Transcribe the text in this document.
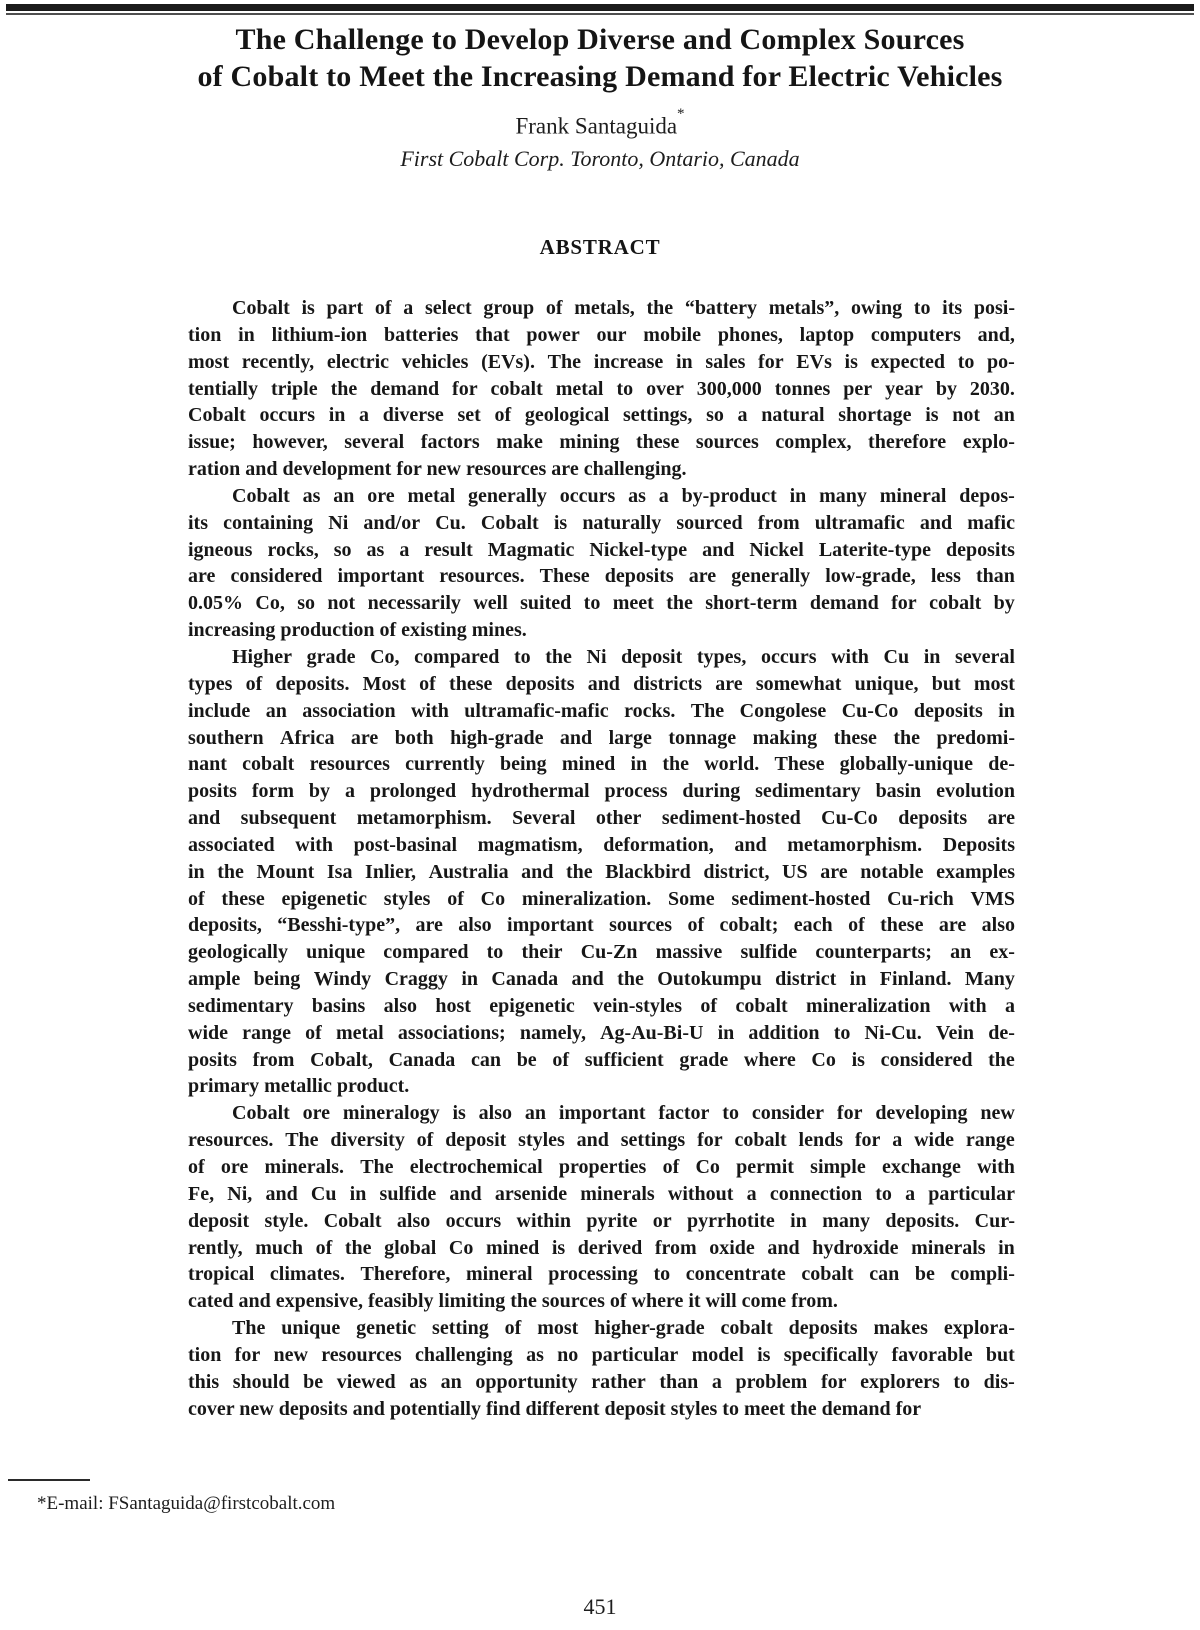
The Challenge to Develop Diverse and Complex Sources
of Cobalt to Meet the Increasing Demand for Electric Vehicles
Frank Santaguida*
First Cobalt Corp. Toronto, Ontario, Canada
ABSTRACT
Cobalt is part of a select group of metals, the “battery metals”, owing to its posi-
tion in lithium-ion batteries that power our mobile phones, laptop computers and,
most recently, electric vehicles (EVs). The increase in sales for EVs is expected to po-
tentially triple the demand for cobalt metal to over 300,000 tonnes per year by 2030.
Cobalt occurs in a diverse set of geological settings, so a natural shortage is not an
issue; however, several factors make mining these sources complex, therefore explo-
ration and development for new resources are challenging.
Cobalt as an ore metal generally occurs as a by-product in many mineral depos-
its containing Ni and/or Cu. Cobalt is naturally sourced from ultramafic and mafic
igneous rocks, so as a result Magmatic Nickel-type and Nickel Laterite-type deposits
are considered important resources. These deposits are generally low-grade, less than
0.05% Co, so not necessarily well suited to meet the short-term demand for cobalt by
increasing production of existing mines.
Higher grade Co, compared to the Ni deposit types, occurs with Cu in several
types of deposits. Most of these deposits and districts are somewhat unique, but most
include an association with ultramafic-mafic rocks. The Congolese Cu-Co deposits in
southern Africa are both high-grade and large tonnage making these the predomi-
nant cobalt resources currently being mined in the world. These globally-unique de-
posits form by a prolonged hydrothermal process during sedimentary basin evolution
and subsequent metamorphism. Several other sediment-hosted Cu-Co deposits are
associated with post-basinal magmatism, deformation, and metamorphism. Deposits
in the Mount Isa Inlier, Australia and the Blackbird district, US are notable examples
of these epigenetic styles of Co mineralization. Some sediment-hosted Cu-rich VMS
deposits, “Besshi-type”, are also important sources of cobalt; each of these are also
geologically unique compared to their Cu-Zn massive sulfide counterparts; an ex-
ample being Windy Craggy in Canada and the Outokumpu district in Finland. Many
sedimentary basins also host epigenetic vein-styles of cobalt mineralization with a
wide range of metal associations; namely, Ag-Au-Bi-U in addition to Ni-Cu. Vein de-
posits from Cobalt, Canada can be of sufficient grade where Co is considered the
primary metallic product.
Cobalt ore mineralogy is also an important factor to consider for developing new
resources. The diversity of deposit styles and settings for cobalt lends for a wide range
of ore minerals. The electrochemical properties of Co permit simple exchange with
Fe, Ni, and Cu in sulfide and arsenide minerals without a connection to a particular
deposit style. Cobalt also occurs within pyrite or pyrrhotite in many deposits. Cur-
rently, much of the global Co mined is derived from oxide and hydroxide minerals in
tropical climates. Therefore, mineral processing to concentrate cobalt can be compli-
cated and expensive, feasibly limiting the sources of where it will come from.
The unique genetic setting of most higher-grade cobalt deposits makes explora-
tion for new resources challenging as no particular model is specifically favorable but
this should be viewed as an opportunity rather than a problem for explorers to dis-
cover new deposits and potentially find different deposit styles to meet the demand for
*E-mail: FSantaguida@firstcobalt.com
451
